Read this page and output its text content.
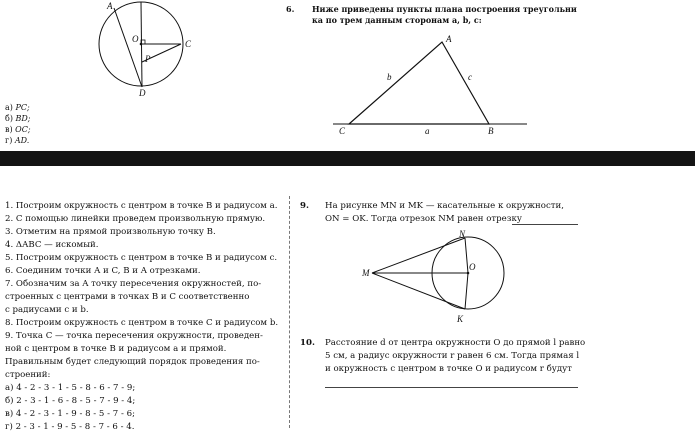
A
O	C
P
D
а) PC;
б) BD;
в) OC;
г) AD.
6. Ниже приведены пункты плана построения треугольни
ка по трем данным сторонам a, b, c:
A
b	c
a
C	B
1. Построим окружность с центром в точке B и радиусом a.
2. С помощью линейки проведем произвольную прямую.
3. Отметим на прямой произвольную точку B.
4. ΔABC — искомый.
5. Построим окружность с центром в точке B и радиусом c.
6. Соединим точки A и C, B и A отрезками.
7. Обозначим за A точку пересечения окружностей, по-
строенных с центрами в точках B и C соответственно
с радиусами c и b.
8. Построим окружность с центром в точке C и радиусом b.
9. Точка C — точка пересечения окружности, проведен-
ной с центром в точке B и радиусом a и прямой.
Правильным будет следующий порядок проведения по-
строений:
а) 4 - 2 - 3 - 1 - 5 - 8 - 6 - 7 - 9;
б) 2 - 3 - 1 - 6 - 8 - 5 - 7 - 9 - 4;
в) 4 - 2 - 3 - 1 - 9 - 8 - 5 - 7 - 6;
г) 2 - 3 - 1 - 9 - 5 - 8 - 7 - 6 - 4.
9. На рисунке MN и MK — касательные к окружности,
ON = OK. Тогда отрезок NM равен отрезку
N
M
O
K
10. Расстояние d от центра окружности O до прямой l равно
5 см, а радиус окружности r равен 6 см. Тогда прямая l
и окружность с центром в точке O и радиусом r будут
